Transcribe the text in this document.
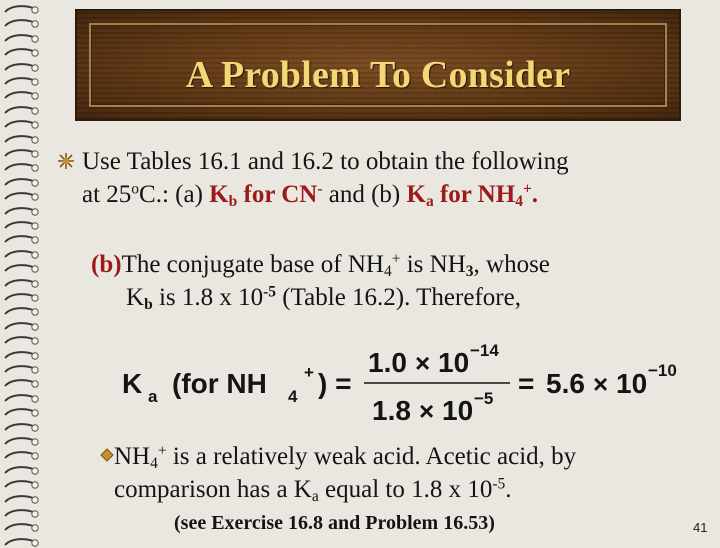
A Problem To Consider
Use Tables 16.1 and 16.2 to obtain the following
at 25$^o$C.: (a) $K_b$ for CN- and (b) $K_a$ for $NH_4^+$.
(b)The conjugate base of $NH_4^+$ is $NH_3$, whose
$K_b$ is 1.8 x $10^{-5}$ (Table 16.2). Therefore,
K a (for NH 4
+ ) =
1.0 × 10 −14
1.8 × 10 −5 = 5.6 × 10 −10
$NH_4^+$ is a relatively weak acid. Acetic acid, by
comparison has a $K_a$ equal to 1.8 x $10^{-5}$.
(see Exercise 16.8 and Problem 16.53)	41
